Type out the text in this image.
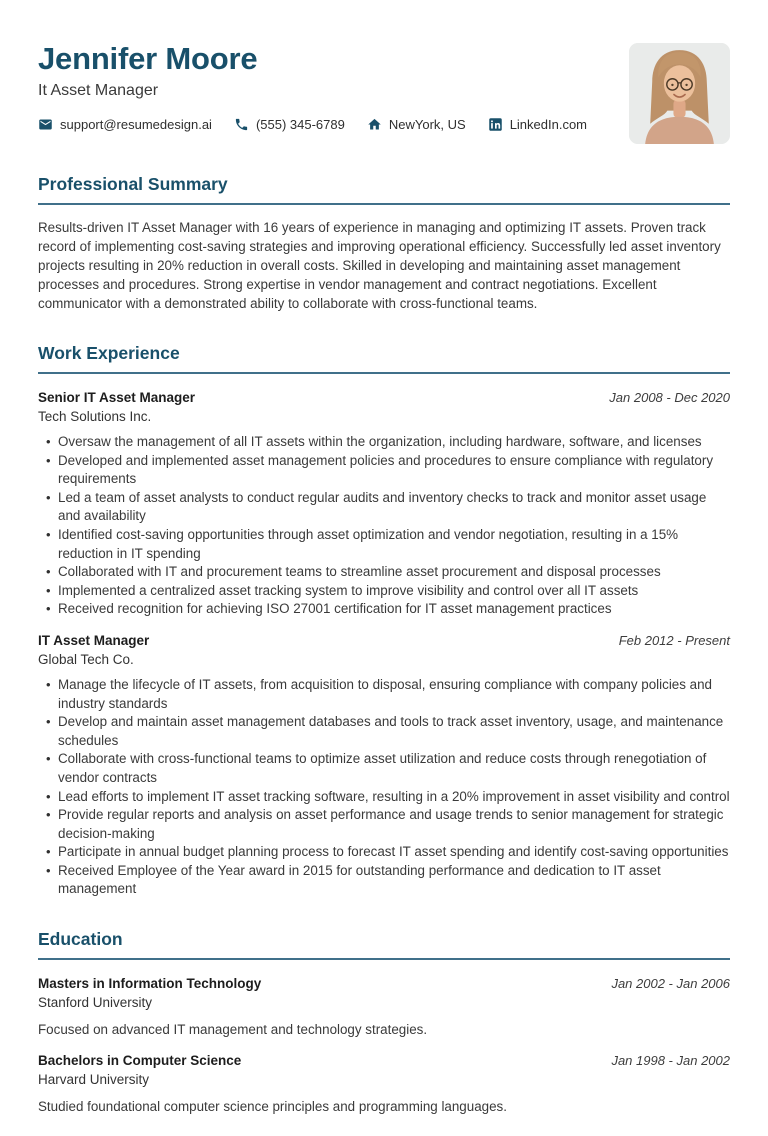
Jennifer Moore
It Asset Manager
support@resumedesign.ai	(555) 345-6789	NewYork, US	LinkedIn.com
Professional Summary

Results-driven IT Asset Manager with 16 years of experience in managing and optimizing IT assets. Proven track record of implementing cost-saving strategies and improving operational efficiency. Successfully led asset inventory projects resulting in 20% reduction in overall costs. Skilled in developing and maintaining asset management processes and procedures. Strong expertise in vendor management and contract negotiations. Excellent communicator with a demonstrated ability to collaborate with cross-functional teams.

Work Experience
Senior IT Asset Manager	Jan 2008 - Dec 2020
Tech Solutions Inc.
• Oversaw the management of all IT assets within the organization, including hardware, software, and licenses
• Developed and implemented asset management policies and procedures to ensure compliance with regulatory requirements
• Led a team of asset analysts to conduct regular audits and inventory checks to track and monitor asset usage and availability
• Identified cost-saving opportunities through asset optimization and vendor negotiation, resulting in a 15% reduction in IT spending
• Collaborated with IT and procurement teams to streamline asset procurement and disposal processes
• Implemented a centralized asset tracking system to improve visibility and control over all IT assets
• Received recognition for achieving ISO 27001 certification for IT asset management practices
IT Asset Manager	Feb 2012 - Present
Global Tech Co.
• Manage the lifecycle of IT assets, from acquisition to disposal, ensuring compliance with company policies and industry standards
• Develop and maintain asset management databases and tools to track asset inventory, usage, and maintenance schedules
• Collaborate with cross-functional teams to optimize asset utilization and reduce costs through renegotiation of vendor contracts
• Lead efforts to implement IT asset tracking software, resulting in a 20% improvement in asset visibility and control
• Provide regular reports and analysis on asset performance and usage trends to senior management for strategic decision-making
• Participate in annual budget planning process to forecast IT asset spending and identify cost-saving opportunities
• Received Employee of the Year award in 2015 for outstanding performance and dedication to IT asset management
Education
Masters in Information Technology	Jan 2002 - Jan 2006
Stanford University

Focused on advanced IT management and technology strategies.

Bachelors in Computer Science	Jan 1998 - Jan 2002
Harvard University

Studied foundational computer science principles and programming languages.
